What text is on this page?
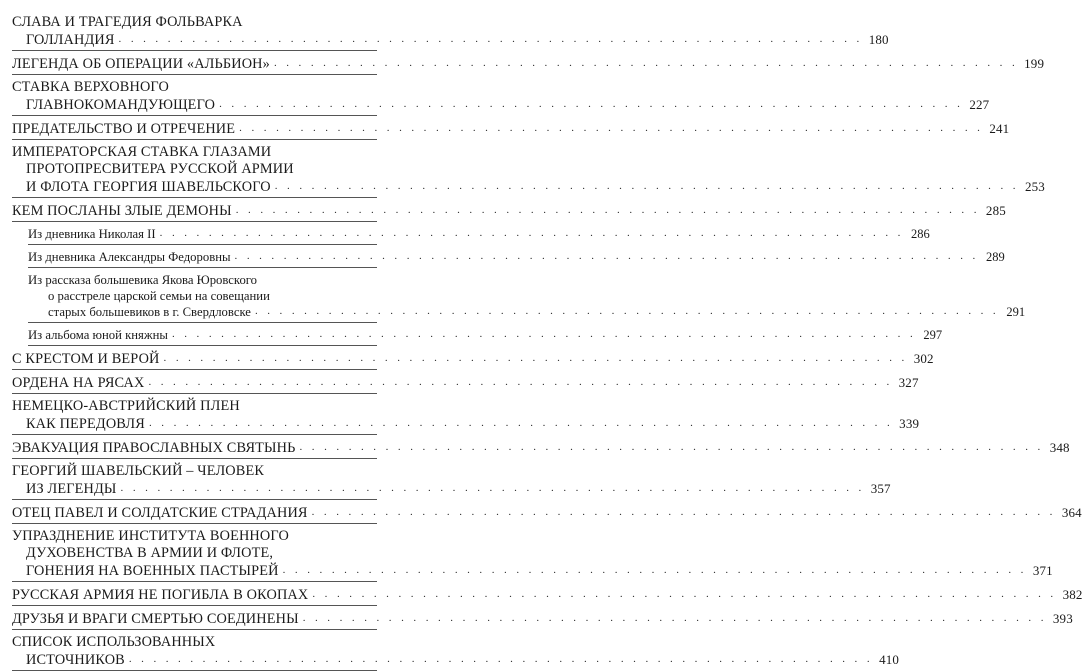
СЛАВА И ТРАГЕДИЯ ФОЛЬВАРКА
ГОЛЛАНДИЯ . . . . . . . . . . . . . . . . . . . . . . . . . . . . . . . . . . . . . . . . . . . . . . . . . . . . . . . . . . . . . 180
ЛЕГЕНДА ОБ ОПЕРАЦИИ «АЛЬБИОН» . . . . . . . . . . . . . . . . . . . . . . . . . . . . . . . . . . . . . . . . . . . . . . . . . . . . . . . . . . . . . 199
СТАВКА ВЕРХОВНОГО
ГЛАВНОКОМАНДУЮЩЕГО . . . . . . . . . . . . . . . . . . . . . . . . . . . . . . . . . . . . . . . . . . . . . . . . . . . . . . . . . . . . . 227
ПРЕДАТЕЛЬСТВО И ОТРЕЧЕНИЕ . . . . . . . . . . . . . . . . . . . . . . . . . . . . . . . . . . . . . . . . . . . . . . . . . . . . . . . . . . . . . 241
ИМПЕРАТОРСКАЯ СТАВКА ГЛАЗАМИ
ПРОТОПРЕСВИТЕРА РУССКОЙ АРМИИ
И ФЛОТА ГЕОРГИЯ ШАВЕЛЬСКОГО . . . . . . . . . . . . . . . . . . . . . . . . . . . . . . . . . . . . . . . . . . . . . . . . . . . . . . . . . . . . . 253
КЕМ ПОСЛАНЫ ЗЛЫЕ ДЕМОНЫ . . . . . . . . . . . . . . . . . . . . . . . . . . . . . . . . . . . . . . . . . . . . . . . . . . . . . . . . . . . . . 285
Из дневника Николая II . . . . . . . . . . . . . . . . . . . . . . . . . . . . . . . . . . . . . . . . . . . . . . . . . . . . . . . . . . . . . 286
Из дневника Александры Федоровны . . . . . . . . . . . . . . . . . . . . . . . . . . . . . . . . . . . . . . . . . . . . . . . . . . . . . . . . . . . . . 289
Из рассказа большевика Якова Юровского
о расстреле царской семьи на совещании
старых большевиков в г. Свердловске . . . . . . . . . . . . . . . . . . . . . . . . . . . . . . . . . . . . . . . . . . . . . . . . . . . . . . . . . . . . . 291
Из альбома юной княжны . . . . . . . . . . . . . . . . . . . . . . . . . . . . . . . . . . . . . . . . . . . . . . . . . . . . . . . . . . . . . 297
С КРЕСТОМ И ВЕРОЙ . . . . . . . . . . . . . . . . . . . . . . . . . . . . . . . . . . . . . . . . . . . . . . . . . . . . . . . . . . . . . 302
ОРДЕНА НА РЯСАХ . . . . . . . . . . . . . . . . . . . . . . . . . . . . . . . . . . . . . . . . . . . . . . . . . . . . . . . . . . . . . 327
НЕМЕЦКО-АВСТРИЙСКИЙ ПЛЕН
КАК ПЕРЕДОВЛЯ . . . . . . . . . . . . . . . . . . . . . . . . . . . . . . . . . . . . . . . . . . . . . . . . . . . . . . . . . . . . . 339
ЭВАКУАЦИЯ ПРАВОСЛАВНЫХ СВЯТЫНЬ . . . . . . . . . . . . . . . . . . . . . . . . . . . . . . . . . . . . . . . . . . . . . . . . . . . . . . . . . . . . . 348
ГЕОРГИЙ ШАВЕЛЬСКИЙ – ЧЕЛОВЕК
ИЗ ЛЕГЕНДЫ . . . . . . . . . . . . . . . . . . . . . . . . . . . . . . . . . . . . . . . . . . . . . . . . . . . . . . . . . . . . . 357
ОТЕЦ ПАВЕЛ И СОЛДАТСКИЕ СТРАДАНИЯ . . . . . . . . . . . . . . . . . . . . . . . . . . . . . . . . . . . . . . . . . . . . . . . . . . . . . . . . . . . . . 364
УПРАЗДНЕНИЕ ИНСТИТУТА ВОЕННОГО
ДУХОВЕНСТВА В АРМИИ И ФЛОТЕ,
ГОНЕНИЯ НА ВОЕННЫХ ПАСТЫРЕЙ . . . . . . . . . . . . . . . . . . . . . . . . . . . . . . . . . . . . . . . . . . . . . . . . . . . . . . . . . . . . . 371
РУССКАЯ АРМИЯ НЕ ПОГИБЛА В ОКОПАХ . . . . . . . . . . . . . . . . . . . . . . . . . . . . . . . . . . . . . . . . . . . . . . . . . . . . . . . . . . . . . 382
ДРУЗЬЯ И ВРАГИ СМЕРТЬЮ СОЕДИНЕНЫ . . . . . . . . . . . . . . . . . . . . . . . . . . . . . . . . . . . . . . . . . . . . . . . . . . . . . . . . . . . . . 393
СПИСОК ИСПОЛЬЗОВАННЫХ
ИСТОЧНИКОВ . . . . . . . . . . . . . . . . . . . . . . . . . . . . . . . . . . . . . . . . . . . . . . . . . . . . . . . . . . . . . 410
